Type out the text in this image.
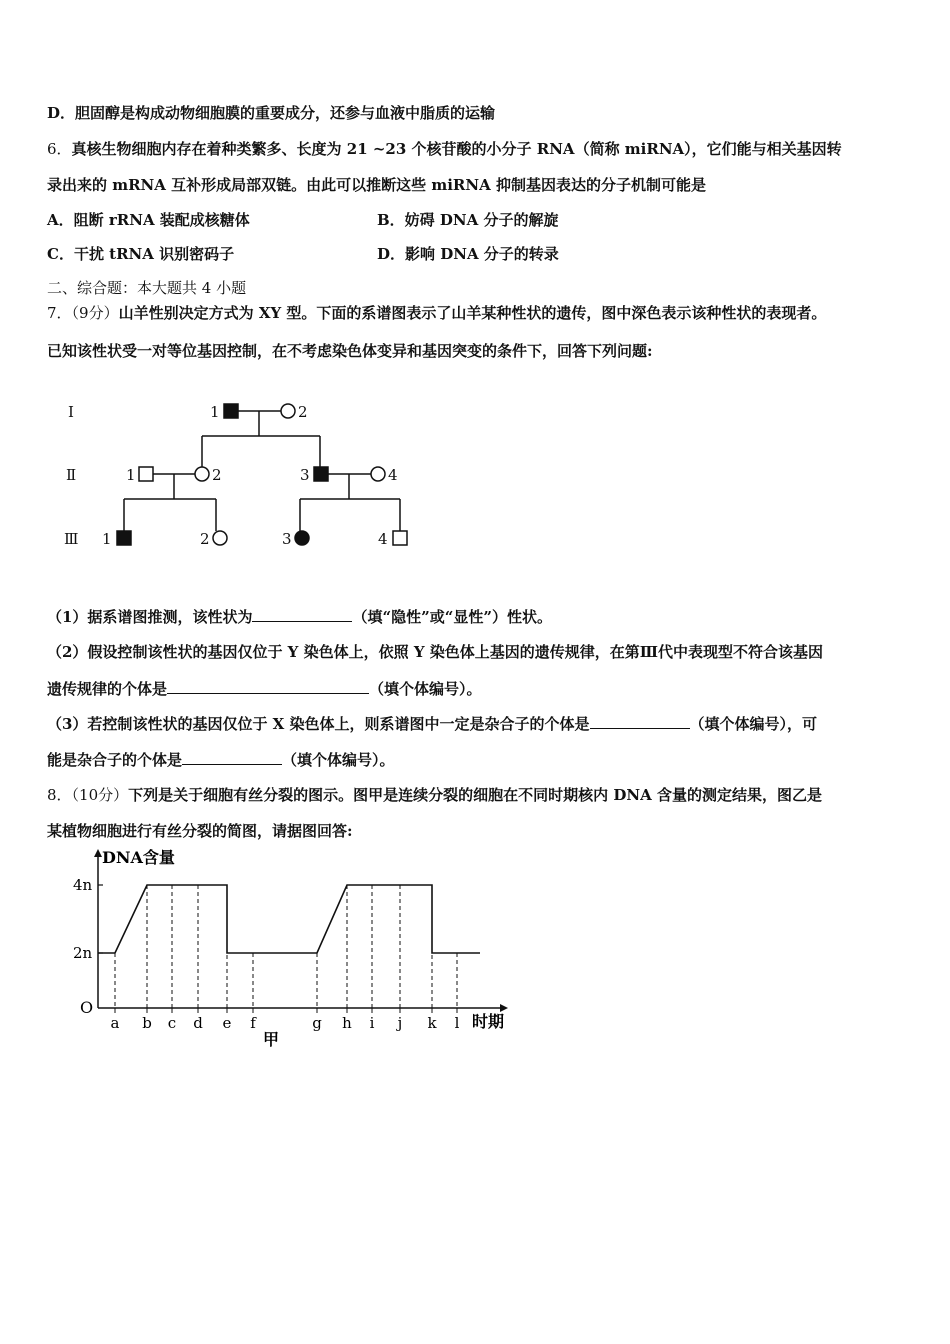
D．胆固醇是构成动物细胞膜的重要成分，还参与血液中脂质的运输
6．真核生物细胞内存在着种类繁多、长度为 21 ~23 个核苷酸的小分子 RNA（简称 miRNA），它们能与相关基因转
录出来的 mRNA 互补形成局部双链。由此可以推断这些 miRNA 抑制基因表达的分子机制可能是
A．阻断 rRNA 装配成核糖体	B．妨碍 DNA 分子的解旋
C．干扰 tRNA 识别密码子	D．影响 DNA 分子的转录
二、综合题：本大题共 4 小题
7．（9分）山羊性别决定方式为 XY 型。下面的系谱图表示了山羊某种性状的遗传，图中深色表示该种性状的表现者。
已知该性状受一对等位基因控制，在不考虑染色体变异和基因突变的条件下，回答下列问题:
Ⅰ
Ⅱ
Ⅲ
1	2
1	2	3	4
1	2	3	4
（1）据系谱图推测，该性状为	（填“隐性”或“显性”）性状。
（2）假设控制该性状的基因仅位于 Y 染色体上，依照 Y 染色体上基因的遗传规律，在第Ⅲ代中表现型不符合该基因
遗传规律的个体是	（填个体编号）。
（3）若控制该性状的基因仅位于 X 染色体上，则系谱图中一定是杂合子的个体是	（填个体编号），可
能是杂合子的个体是	（填个体编号）。
8．（10分）下列是关于细胞有丝分裂的图示。图甲是连续分裂的细胞在不同时期核内 DNA 含量的测定结果，图乙是
某植物细胞进行有丝分裂的简图，请据图回答:
DNA含量
时期
O
甲
2n
4n
a b c d e f	g h i j k l
